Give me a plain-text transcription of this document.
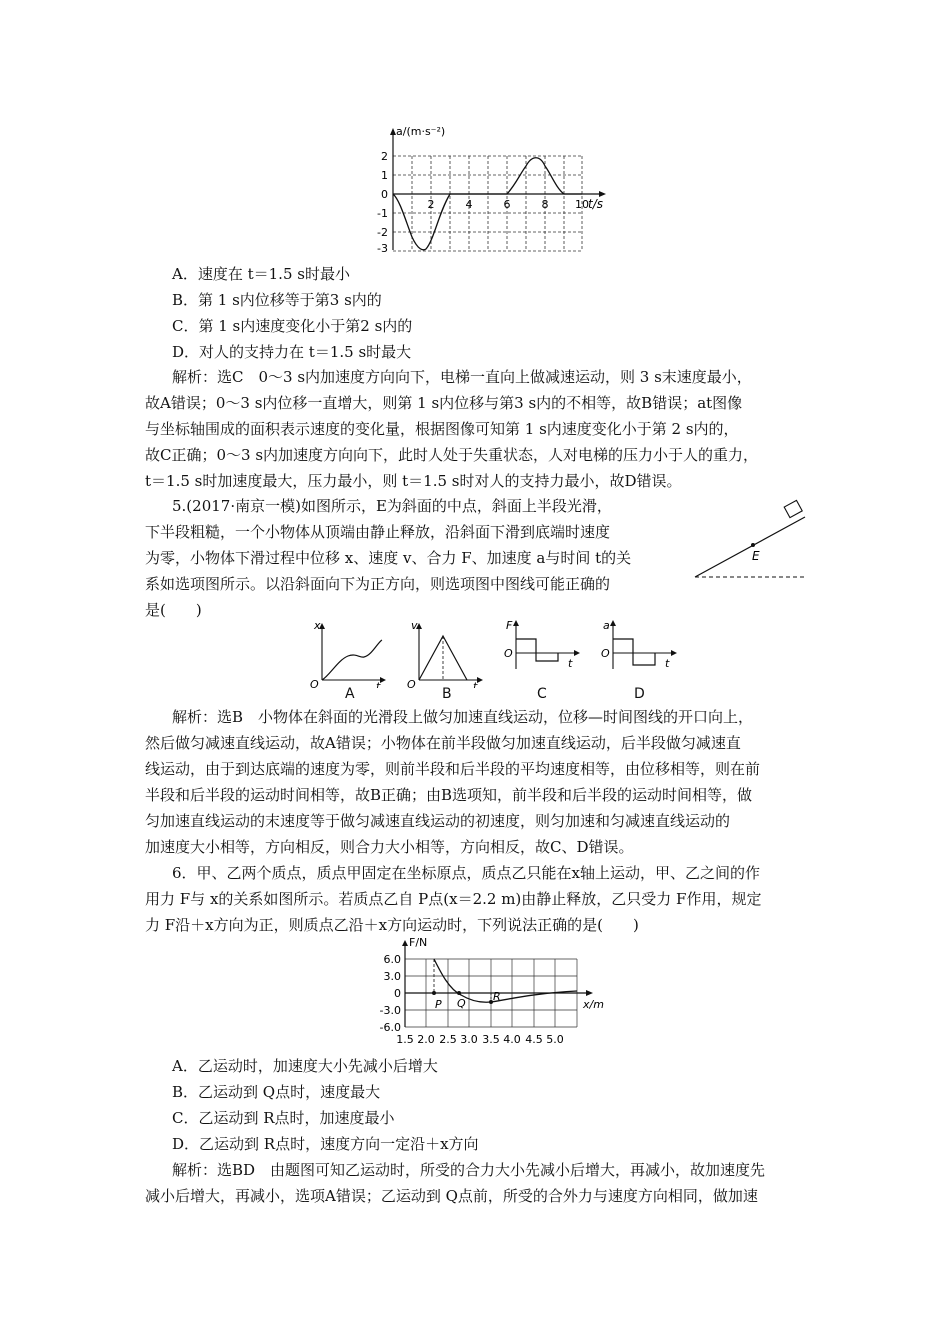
a/(m·s⁻²)
t/s
2
1
0
-1
-2
-3
2	4	6	8 10
A．速度在 t＝1.5 s时最小
B．第 1 s内位移等于第3 s内的
C．第 1 s内速度变化小于第2 s内的
D．对人的支持力在 t＝1.5 s时最大
解析：选C　0～3 s内加速度方向向下，电梯一直向上做减速运动，则 3 s末速度最小，
故A错误；0～3 s内位移一直增大，则第 1 s内位移与第3 s内的不相等，故B错误；at图像
与坐标轴围成的面积表示速度的变化量，根据图像可知第 1 s内速度变化小于第 2 s内的，
故C正确；0～3 s内加速度方向向下，此时人处于失重状态，人对电梯的压力小于人的重力，
t＝1.5 s时加速度最大，压力最小，则 t＝1.5 s时对人的支持力最小，故D错误。
5.(2017·南京一模)如图所示，E为斜面的中点，斜面上半段光滑，
下半段粗糙，一个小物体从顶端由静止释放，沿斜面下滑到底端时速度
为零，小物体下滑过程中位移 x、速度 v、合力 F、加速度 a与时间 t的关
系如选项图所示。以沿斜面向下为正方向，则选项图中图线可能正确的
是(　　)
E
x
t
O
A
v
t
O
B
F
t
O
C
a
t
O
D
解析：选B　小物体在斜面的光滑段上做匀加速直线运动，位移—时间图线的开口向上，
然后做匀减速直线运动，故A错误；小物体在前半段做匀加速直线运动，后半段做匀减速直
线运动，由于到达底端的速度为零，则前半段和后半段的平均速度相等，由位移相等，则在前
半段和后半段的运动时间相等，故B正确；由B选项知，前半段和后半段的运动时间相等，做
匀加速直线运动的末速度等于做匀减速直线运动的初速度，则匀加速和匀减速直线运动的
加速度大小相等，方向相反，则合力大小相等，方向相反，故C、D错误。
6．甲、乙两个质点，质点甲固定在坐标原点，质点乙只能在x轴上运动，甲、乙之间的作
用力 F与 x的关系如图所示。若质点乙自 P点(x＝2.2 m)由静止释放，乙只受力 F作用，规定
力 F沿＋x方向为正，则质点乙沿＋x方向运动时，下列说法正确的是(　　)
P Q
R
F/N
x/m
6.0
3.0
0
-3.0
-6.0
1.5 2.0 2.5 3.0 3.5 4.0 4.5 5.0
A．乙运动时，加速度大小先减小后增大
B．乙运动到 Q点时，速度最大
C．乙运动到 R点时，加速度最小
D．乙运动到 R点时，速度方向一定沿＋x方向
解析：选BD　由题图可知乙运动时，所受的合力大小先减小后增大，再减小，故加速度先
减小后增大，再减小，选项A错误；乙运动到 Q点前，所受的合外力与速度方向相同，做加速
